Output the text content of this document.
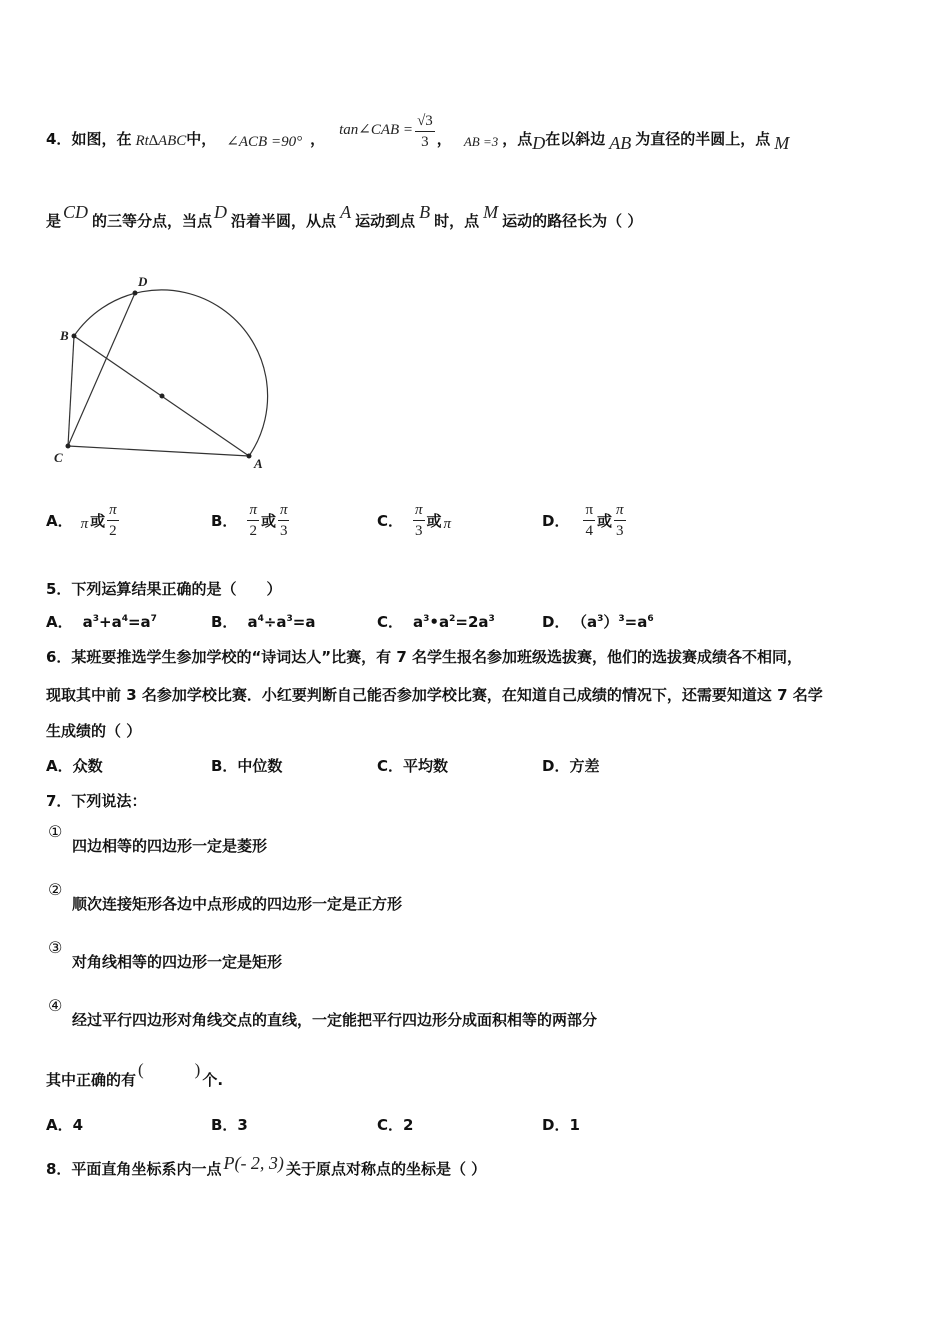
4． 如图，在 Rt∆ABC 中， ∠ACB =90° ， tan∠CAB = $\frac{√3}{3}$ ， AB =3 ，点 D 在以斜边 AB 为直径的半圆上，点 M
是 CD 的三等分点，当点 D 沿着半圆，从点 A 运动到点 B 时，点 M 运动的路径长为（ ）
D
B
C	A
A． π 或 $\frac{\pi}{2}$	B． $\frac{\pi}{2}$ 或 $\frac{\pi}{3}$	C． $\frac{\pi}{3}$ 或 π	D． $\frac{\pi}{4}$ 或 $\frac{\pi}{3}$
5．下列运算结果正确的是（　　）
A． $a^3+a^4=a^7$	B． $a^4\div a^3=a$	C． $a^3•a^2=2a^3$	D． $(a^3)^3=a^6$
6．某班要推选学生参加学校的“诗词达人”比赛，有 7 名学生报名参加班级选拔赛，他们的选拔赛成绩各不相同，
现取其中前 3 名参加学校比赛．小红要判断自己能否参加学校比赛，在知道自己成绩的情况下，还需要知道这 7 名学
生成绩的（ ）
A．众数	B．中位数	C．平均数	D．方差
7．下列说法：
①
四边相等的四边形一定是菱形
②
顺次连接矩形各边中点形成的四边形一定是正方形
③
对角线相等的四边形一定是矩形
④
经过平行四边形对角线交点的直线，一定能把平行四边形分成面积相等的两部分
其中正确的有
(　　　)
个.
A．4	B．3	C．2	D．1
8．平面直角坐标系内一点 P(- 2, 3) 关于原点对称点的坐标是（ ）
